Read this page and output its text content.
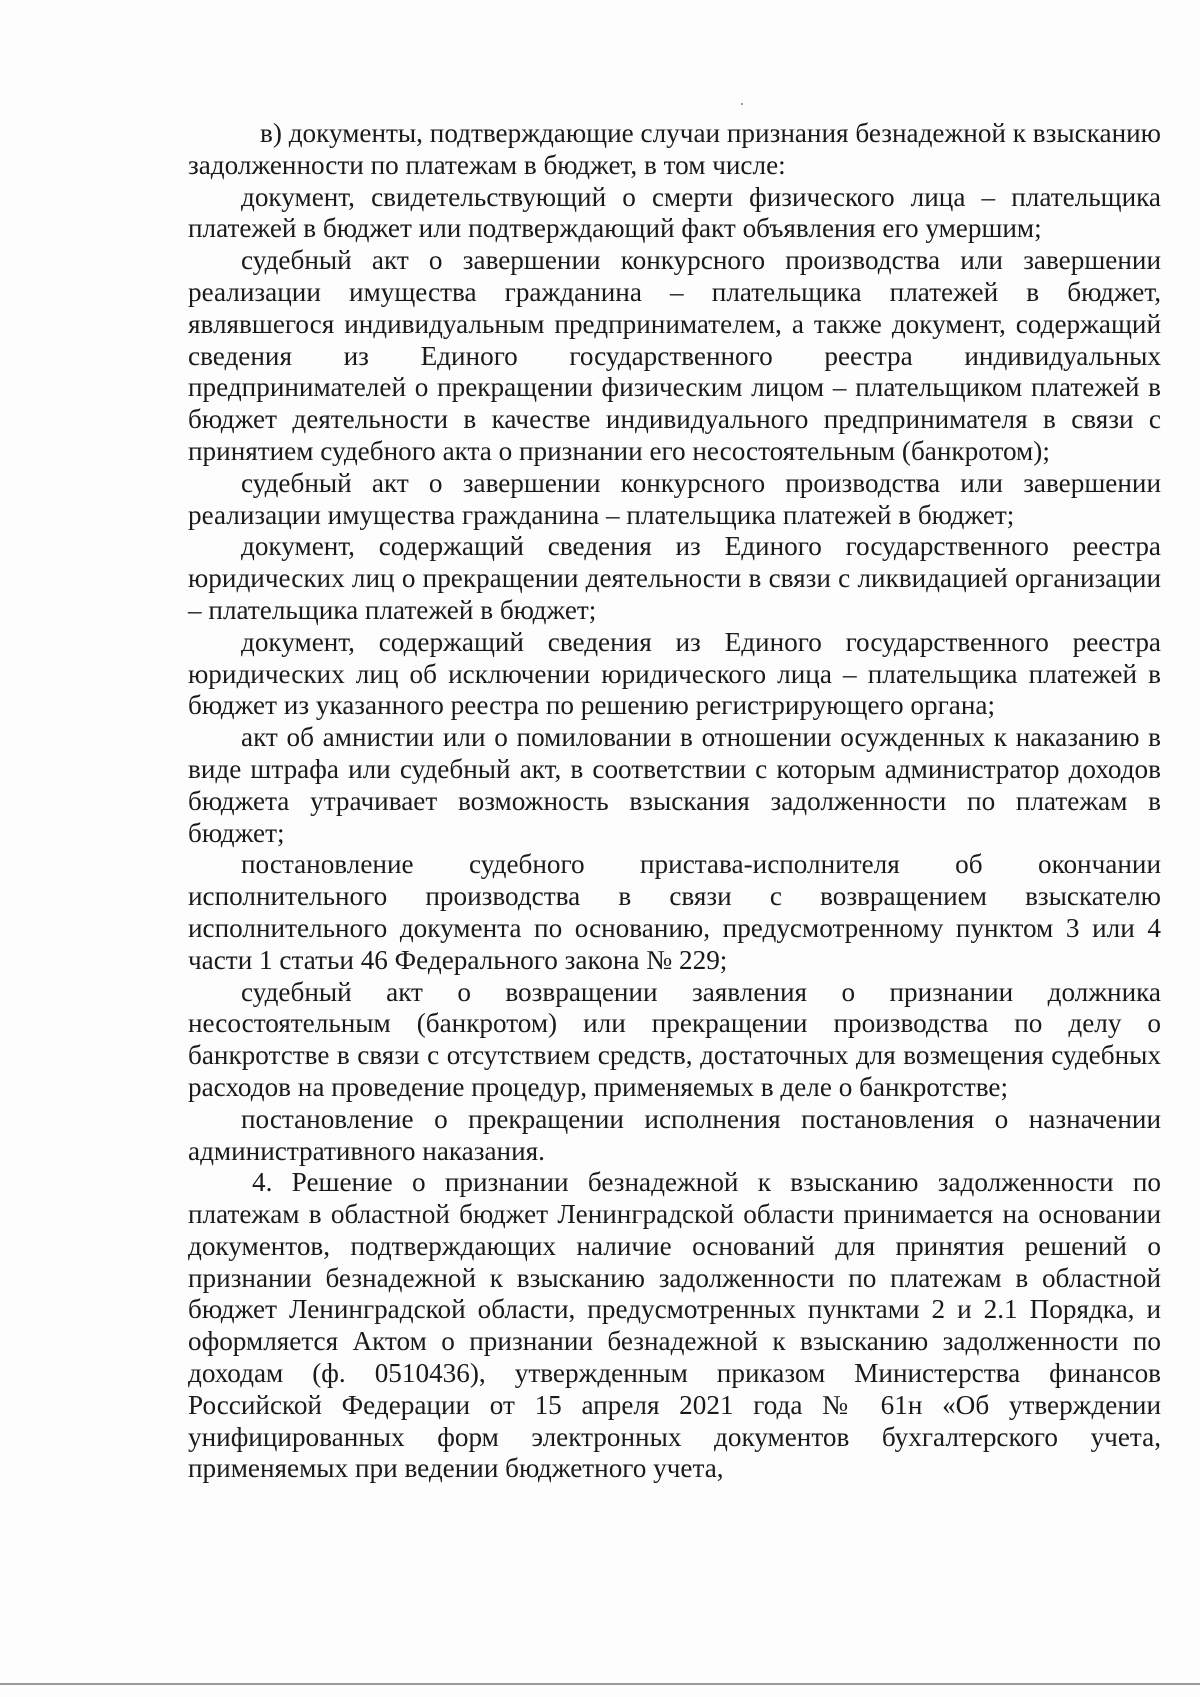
в) документы, подтверждающие случаи признания безнадежной к взысканию задолженности по платежам в бюджет, в том числе:

документ, свидетельствующий о смерти физического лица – плательщика платежей в бюджет или подтверждающий факт объявления его умершим;

судебный акт о завершении конкурсного производства или завершении реализации имущества гражданина – плательщика платежей в бюджет, являвшегося индивидуальным предпринимателем, а также документ, содержащий сведения из Единого государственного реестра индивидуальных предпринимателей о прекращении физическим лицом – плательщиком платежей в бюджет деятельности в качестве индивидуального предпринимателя в связи с принятием судебного акта о признании его несостоятельным (банкротом);

судебный акт о завершении конкурсного производства или завершении реализации имущества гражданина – плательщика платежей в бюджет;

документ, содержащий сведения из Единого государственного реестра юридических лиц о прекращении деятельности в связи с ликвидацией организации – плательщика платежей в бюджет;

документ, содержащий сведения из Единого государственного реестра юридических лиц об исключении юридического лица – плательщика платежей в бюджет из указанного реестра по решению регистрирующего органа;

акт об амнистии или о помиловании в отношении осужденных к наказанию в виде штрафа или судебный акт, в соответствии с которым администратор доходов бюджета утрачивает возможность взыскания задолженности по платежам в бюджет;

постановление судебного пристава-исполнителя об окончании исполнительного производства в связи с возвращением взыскателю исполнительного документа по основанию, предусмотренному пунктом 3 или 4 части 1 статьи 46 Федерального закона № 229;

судебный акт о возвращении заявления о признании должника несостоятельным (банкротом) или прекращении производства по делу о банкротстве в связи с отсутствием средств, достаточных для возмещения судебных расходов на проведение процедур, применяемых в деле о банкротстве;

постановление о прекращении исполнения постановления о назначении административного наказания.

4. Решение о признании безнадежной к взысканию задолженности по платежам в областной бюджет Ленинградской области принимается на основании документов, подтверждающих наличие оснований для принятия решений о признании безнадежной к взысканию задолженности по платежам в областной бюджет Ленинградской области, предусмотренных пунктами 2 и 2.1 Порядка, и оформляется Актом о признании безнадежной к взысканию задолженности по доходам (ф. 0510436), утвержденным приказом Министерства финансов Российской Федерации от 15 апреля 2021 года № 61н «Об утверждении унифицированных форм электронных документов бухгалтерского учета, применяемых при ведении бюджетного учета,
